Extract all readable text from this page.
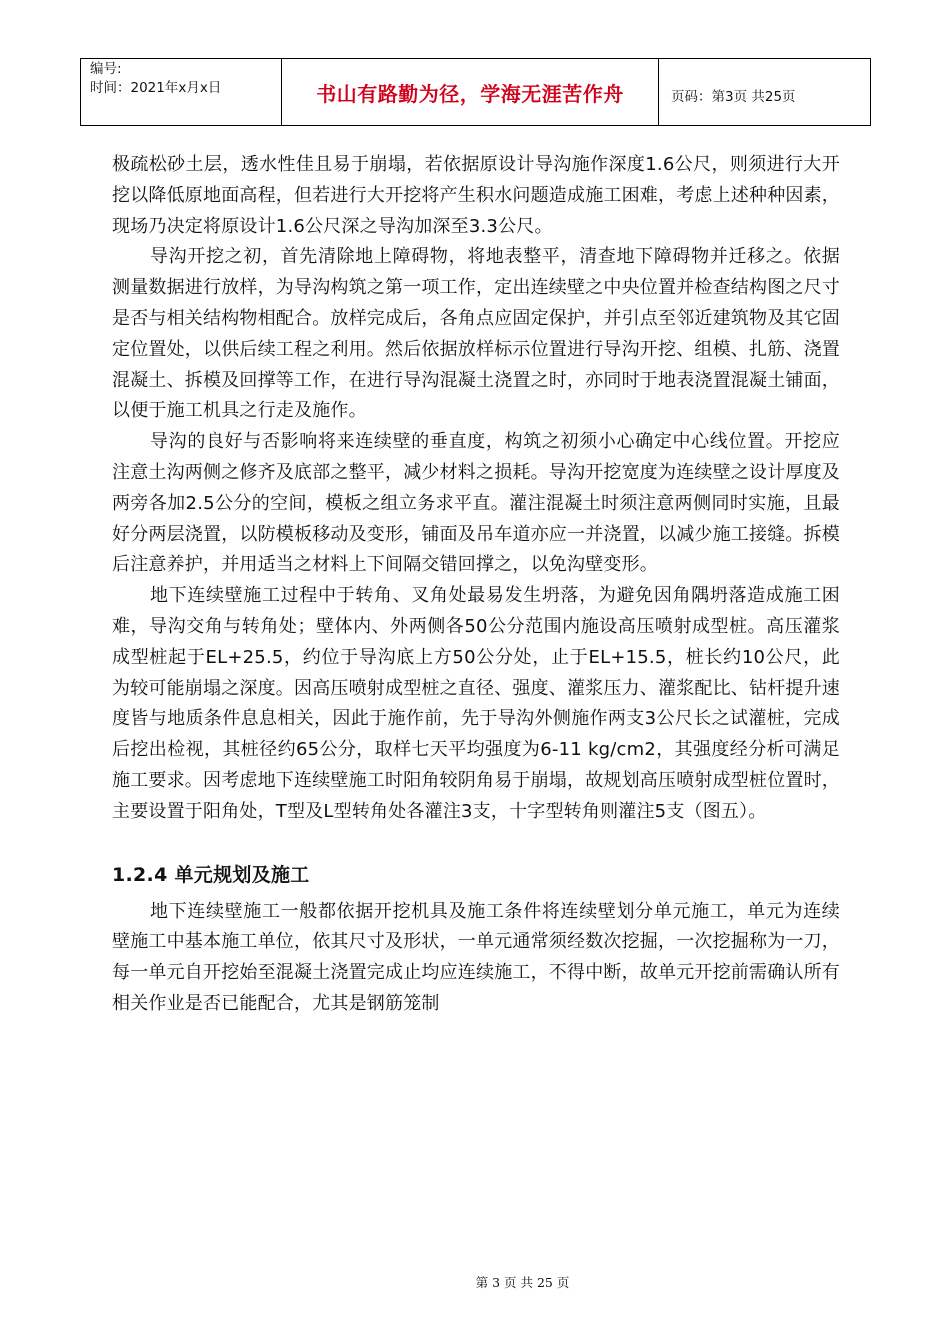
编号:
时间：2021年x月x日	书山有路勤为径，学海无涯苦作舟	页码：第3页 共25页

极疏松砂土层，透水性佳且易于崩塌，若依据原设计导沟施作深度1.6公尺，则须进行大开挖以降低原地面高程，但若进行大开挖将产生积水问题造成施工困难，考虑上述种种因素，现场乃决定将原设计1.6公尺深之导沟加深至3.3公尺。

导沟开挖之初，首先清除地上障碍物，将地表整平，清查地下障碍物并迁移之。依据测量数据进行放样，为导沟构筑之第一项工作，定出连续壁之中央位置并检查结构图之尺寸是否与相关结构物相配合。放样完成后，各角点应固定保护，并引点至邻近建筑物及其它固定位置处，以供后续工程之利用。然后依据放样标示位置进行导沟开挖、组模、扎筋、浇置混凝土、拆模及回撑等工作，在进行导沟混凝土浇置之时，亦同时于地表浇置混凝土铺面，以便于施工机具之行走及施作。

导沟的良好与否影响将来连续壁的垂直度，构筑之初须小心确定中心线位置。开挖应注意土沟两侧之修齐及底部之整平，减少材料之损耗。导沟开挖宽度为连续壁之设计厚度及两旁各加2.5公分的空间，模板之组立务求平直。灌注混凝土时须注意两侧同时实施，且最好分两层浇置，以防模板移动及变形，铺面及吊车道亦应一并浇置，以减少施工接缝。拆模后注意养护，并用适当之材料上下间隔交错回撑之，以免沟壁变形。

地下连续壁施工过程中于转角、叉角处最易发生坍落，为避免因角隅坍落造成施工困难，导沟交角与转角处；壁体内、外两侧各50公分范围内施设高压喷射成型桩。高压灌浆成型桩起于EL+25.5，约位于导沟底上方50公分处，止于EL+15.5，桩长约10公尺，此为较可能崩塌之深度。因高压喷射成型桩之直径、强度、灌浆压力、灌浆配比、钻杆提升速度皆与地质条件息息相关，因此于施作前，先于导沟外侧施作两支3公尺长之试灌桩，完成后挖出检视，其桩径约65公分，取样七天平均强度为6-11 kg/cm2，其强度经分析可满足施工要求。因考虑地下连续壁施工时阳角较阴角易于崩塌，故规划高压喷射成型桩位置时，主要设置于阳角处，T型及L型转角处各灌注3支，十字型转角则灌注5支（图五）。

1.2.4 单元规划及施工

地下连续壁施工一般都依据开挖机具及施工条件将连续壁划分单元施工，单元为连续壁施工中基本施工单位，依其尺寸及形状，一单元通常须经数次挖掘，一次挖掘称为一刀，每一单元自开挖始至混凝土浇置完成止均应连续施工，不得中断，故单元开挖前需确认所有相关作业是否已能配合，尤其是钢筋笼制

第 3 页 共 25 页
